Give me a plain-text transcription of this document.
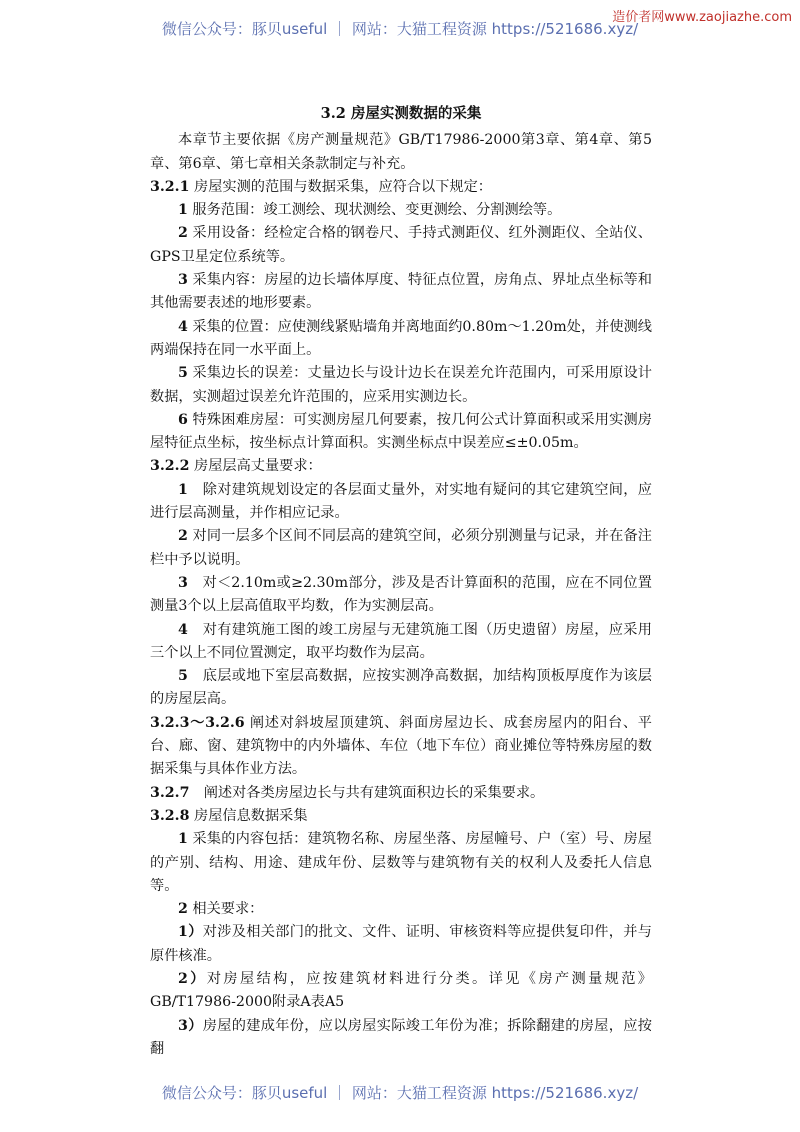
微信公众号：豚贝useful ｜ 网站：大猫工程资源 https://521686.xyz/
造价者网www.zaojiazhe.com
3.2 房屋实测数据的采集

本章节主要依据《房产测量规范》GB/T17986-2000第3章、第4章、第5章、第6章、第七章相关条款制定与补充。

3.2.1 房屋实测的范围与数据采集，应符合以下规定：

1 服务范围：竣工测绘、现状测绘、变更测绘、分割测绘等。

2 采用设备：经检定合格的钢卷尺、手持式测距仪、红外测距仪、全站仪、GPS卫星定位系统等。

3 采集内容：房屋的边长墙体厚度、特征点位置，房角点、界址点坐标等和其他需要表述的地形要素。

4 采集的位置：应使测线紧贴墙角并离地面约0.80m～1.20m处，并使测线两端保持在同一水平面上。

5 采集边长的误差：丈量边长与设计边长在误差允许范围内，可采用原设计数据，实测超过误差允许范围的，应采用实测边长。

6 特殊困难房屋：可实测房屋几何要素，按几何公式计算面积或采用实测房屋特征点坐标，按坐标点计算面积。实测坐标点中误差应≤±0.05m。

3.2.2 房屋层高丈量要求：

1　除对建筑规划设定的各层面丈量外，对实地有疑问的其它建筑空间，应进行层高测量，并作相应记录。

2 对同一层多个区间不同层高的建筑空间，必须分别测量与记录，并在备注栏中予以说明。

3　对＜2.10m或≥2.30m部分，涉及是否计算面积的范围，应在不同位置测量3个以上层高值取平均数，作为实测层高。

4　对有建筑施工图的竣工房屋与无建筑施工图（历史遗留）房屋，应采用三个以上不同位置测定，取平均数作为层高。

5　底层或地下室层高数据，应按实测净高数据，加结构顶板厚度作为该层的房屋层高。

3.2.3～3.2.6 阐述对斜坡屋顶建筑、斜面房屋边长、成套房屋内的阳台、平台、廊、窗、建筑物中的内外墙体、车位（地下车位）商业摊位等特殊房屋的数据采集与具体作业方法。

3.2.7　阐述对各类房屋边长与共有建筑面积边长的采集要求。

3.2.8 房屋信息数据采集

1 采集的内容包括：建筑物名称、房屋坐落、房屋幢号、户（室）号、房屋的产别、结构、用途、建成年份、层数等与建筑物有关的权利人及委托人信息等。

2 相关要求：

1）对涉及相关部门的批文、文件、证明、审核资料等应提供复印件，并与原件核准。

2）对房屋结构，应按建筑材料进行分类。详见《房产测量规范》GB/T17986-2000附录A表A5

3）房屋的建成年份，应以房屋实际竣工年份为准；拆除翻建的房屋，应按翻

微信公众号：豚贝useful ｜ 网站：大猫工程资源 https://521686.xyz/
